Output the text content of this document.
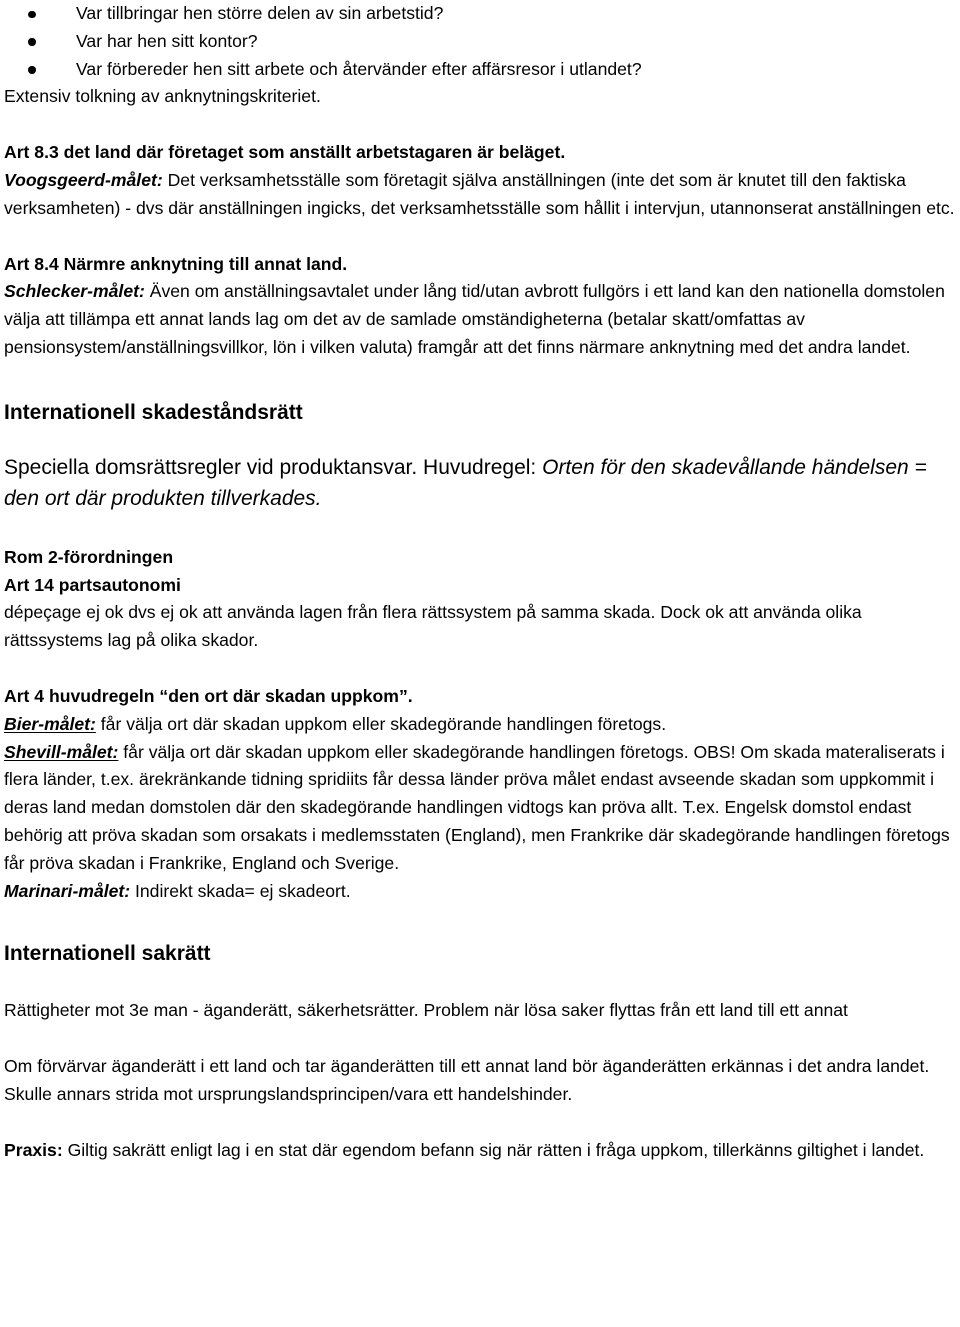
Var tillbringar hen större delen av sin arbetstid?
Var har hen sitt kontor?
Var förbereder hen sitt arbete och återvänder efter affärsresor i utlandet?

Extensiv tolkning av anknytningskriteriet.

Art 8.3 det land där företaget som anställt arbetstagaren är beläget.

Voogsgeerd-målet: Det verksamhetsställe som företagit själva anställningen (inte det som är knutet till den faktiska verksamheten) - dvs där anställningen ingicks, det verksamhetsställe som hållit i intervjun, utannonserat anställningen etc.

Art 8.4 Närmre anknytning till annat land.

Schlecker-målet: Även om anställningsavtalet under lång tid/utan avbrott fullgörs i ett land kan den nationella domstolen välja att tillämpa ett annat lands lag om det av de samlade omständigheterna (betalar skatt/omfattas av pensionsystem/anställningsvillkor, lön i vilken valuta) framgår att det finns närmare anknytning med det andra landet.

Internationell skadeståndsrätt

Speciella domsrättsregler vid produktansvar. Huvudregel: Orten för den skadevållande händelsen = den ort där produkten tillverkades.

Rom 2-förordningen

Art 14 partsautonomi

dépeçage ej ok dvs ej ok att använda lagen från flera rättssystem på samma skada. Dock ok att använda olika rättssystems lag på olika skador.

Art 4 huvudregeln “den ort där skadan uppkom”.

Bier-målet: får välja ort där skadan uppkom eller skadegörande handlingen företogs.

Shevill-målet: får välja ort där skadan uppkom eller skadegörande handlingen företogs. OBS! Om skada materaliserats i flera länder, t.ex. ärekränkande tidning spridiits får dessa länder pröva målet endast avseende skadan som uppkommit i deras land medan domstolen där den skadegörande handlingen vidtogs kan pröva allt. T.ex. Engelsk domstol endast behörig att pröva skadan som orsakats i medlemsstaten (England), men Frankrike där skadegörande handlingen företogs får pröva skadan i Frankrike, England och Sverige.

Marinari-målet: Indirekt skada= ej skadeort.

Internationell sakrätt

Rättigheter mot 3e man - äganderätt, säkerhetsrätter. Problem när lösa saker flyttas från ett land till ett annat

Om förvärvar äganderätt i ett land och tar äganderätten till ett annat land bör äganderätten erkännas i det andra landet. Skulle annars strida mot ursprungslandsprincipen/vara ett handelshinder.

Praxis: Giltig sakrätt enligt lag i en stat där egendom befann sig när rätten i fråga uppkom, tillerkänns giltighet i landet.
